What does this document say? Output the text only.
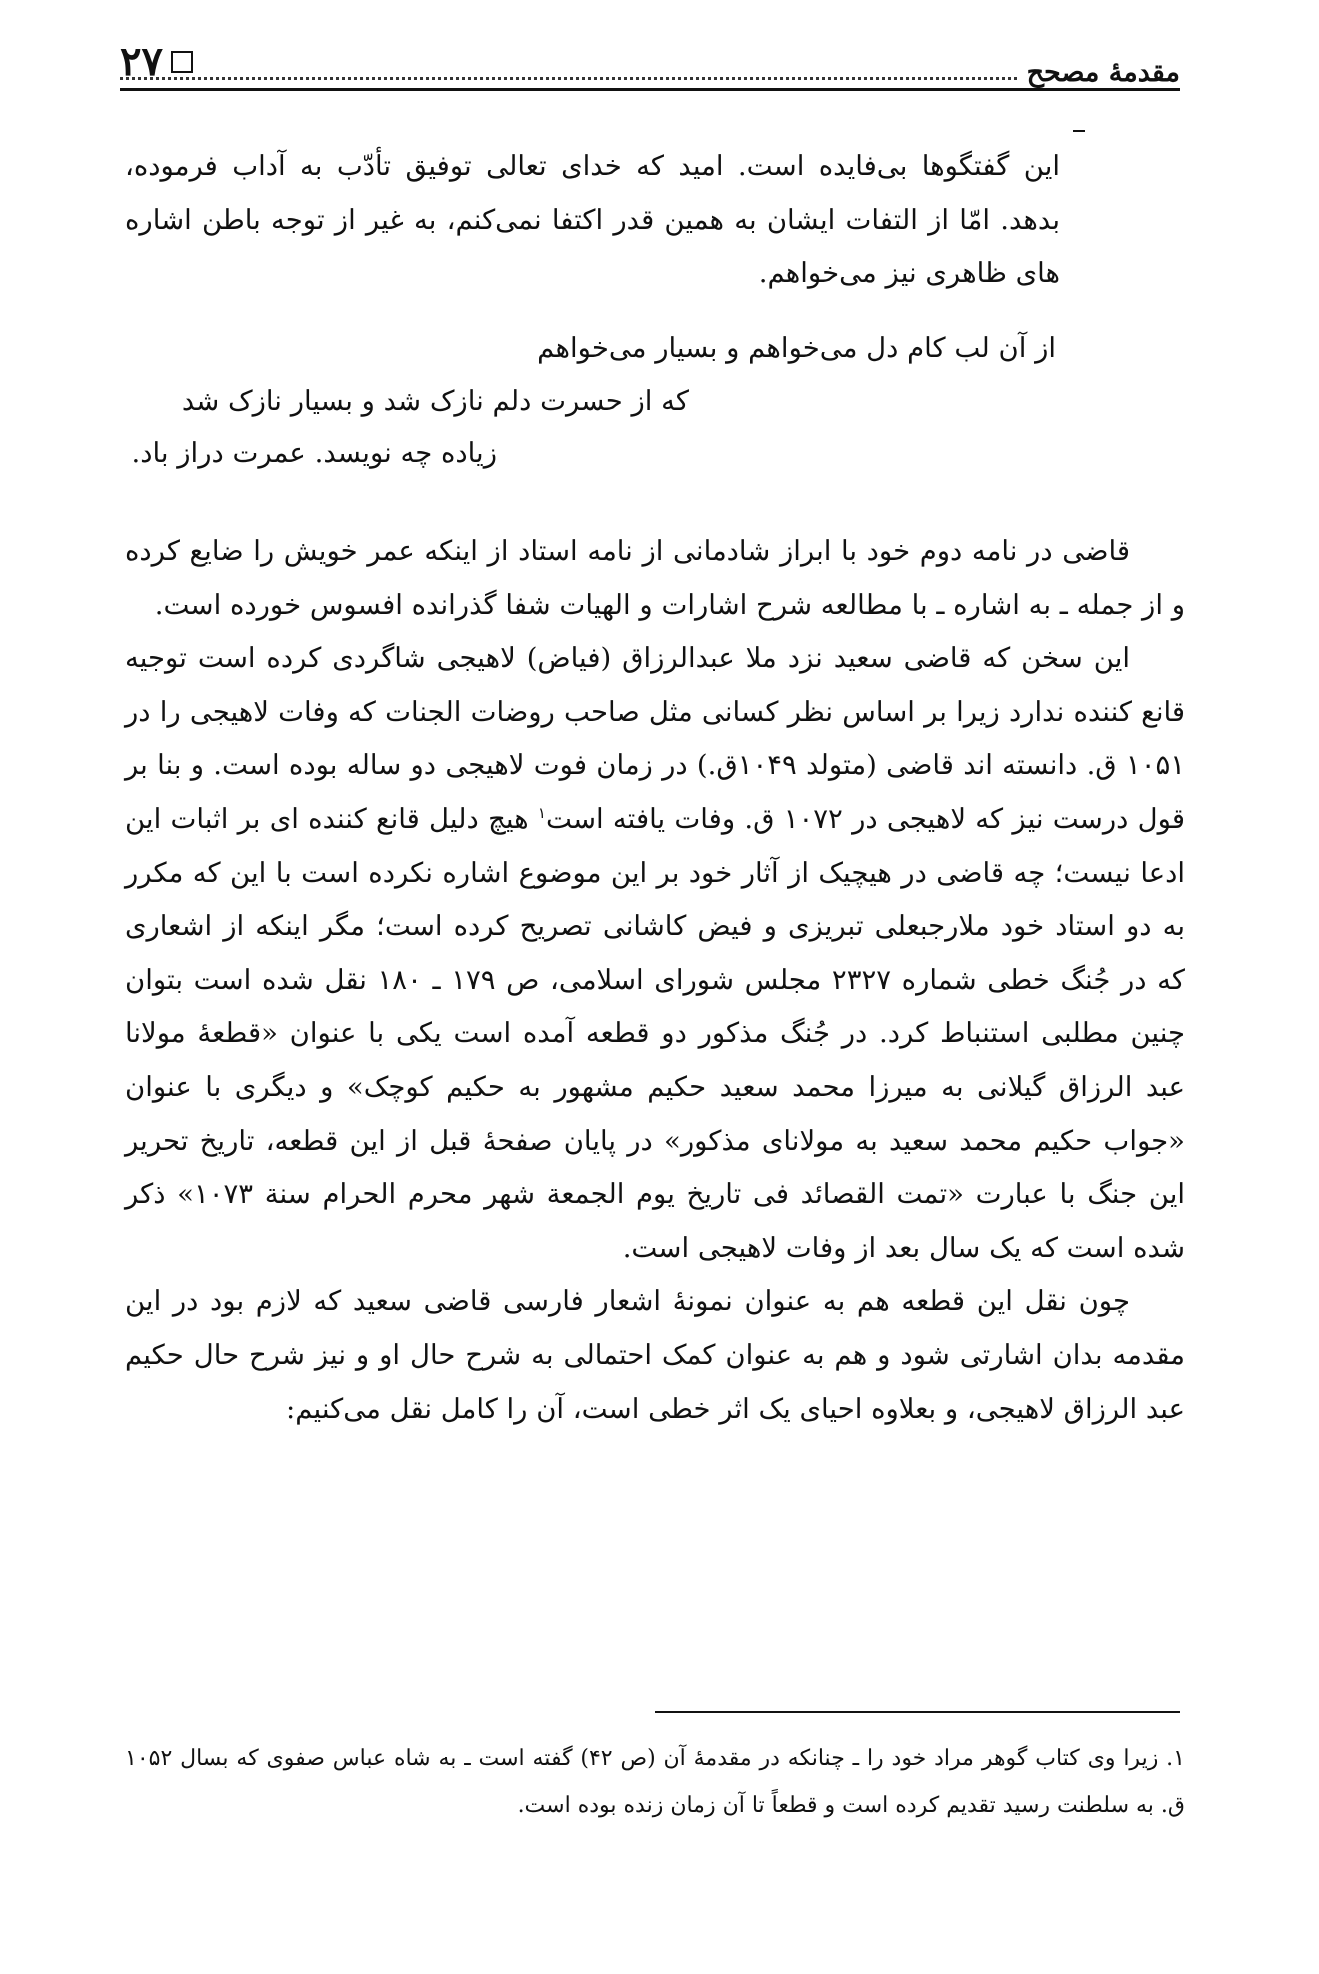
مقدمهٔ مصحح
۲۷

این گفتگوها بی‌فایده است. امید که خدای تعالی توفیق تأدّب به آداب فرموده، بدهد. امّا از التفات ایشان به همین قدر اکتفا نمی‌کنم، به غیر از توجه باطن اشاره های ظاهری نیز می‌خواهم.

از آن لب کام دل می‌خواهم و بسیار می‌خواهم
که از حسرت دلم نازک شد و بسیار نازک شد
زیاده چه نویسد. عمرت دراز باد.

قاضی در نامه دوم خود با ابراز شادمانی از نامه استاد از اینکه عمر خویش را ضایع کرده و از جمله ـ به اشاره ـ با مطالعه شرح اشارات و الهیات شفا گذرانده افسوس خورده است.

این سخن که قاضی سعید نزد ملا عبدالرزاق (فیاض) لاهیجی شاگردی کرده است توجیه قانع کننده ندارد زیرا بر اساس نظر کسانی مثل صاحب روضات الجنات که وفات لاهیجی را در ۱۰۵۱ ق. دانسته اند قاضی (متولد ۱۰۴۹ق.) در زمان فوت لاهیجی دو ساله بوده است. و بنا بر قول درست نیز که لاهیجی در ۱۰۷۲ ق. وفات یافته است$^۱$ هیچ دلیل قانع کننده ای بر اثبات این ادعا نیست؛ چه قاضی در هیچیک از آثار خود بر این موضوع اشاره نکرده است با این که مکرر به دو استاد خود ملارجبعلی تبریزی و فیض کاشانی تصریح کرده است؛ مگر اینکه از اشعاری که در جُنگ خطی شماره ۲۳۲۷ مجلس شورای اسلامی، ص ۱۷۹ ـ ۱۸۰ نقل شده است بتوان چنین مطلبی استنباط کرد. در جُنگ مذکور دو قطعه آمده است یکی با عنوان «قطعهٔ مولانا عبد الرزاق گیلانی به میرزا محمد سعید حکیم مشهور به حکیم کوچک» و دیگری با عنوان «جواب حکیم محمد سعید به مولانای مذکور» در پایان صفحهٔ قبل از این قطعه، تاریخ تحریر این جنگ با عبارت «تمت القصائد فی تاریخ یوم الجمعة شهر محرم الحرام سنة ۱۰۷۳» ذکر شده است که یک سال بعد از وفات لاهیجی است.

چون نقل این قطعه هم به عنوان نمونهٔ اشعار فارسی قاضی سعید که لازم بود در این مقدمه بدان اشارتی شود و هم به عنوان کمک احتمالی به شرح حال او و نیز شرح حال حکیم عبد الرزاق لاهیجی، و بعلاوه احیای یک اثر خطی است، آن را کامل نقل می‌کنیم:

۱. زیرا وی کتاب گوهر مراد خود را ـ چنانکه در مقدمهٔ آن (ص ۴۲) گفته است ـ به شاه عباس صفوی که بسال ۱۰۵۲ ق. به سلطنت رسید تقدیم کرده است و قطعاً تا آن زمان زنده بوده است.
